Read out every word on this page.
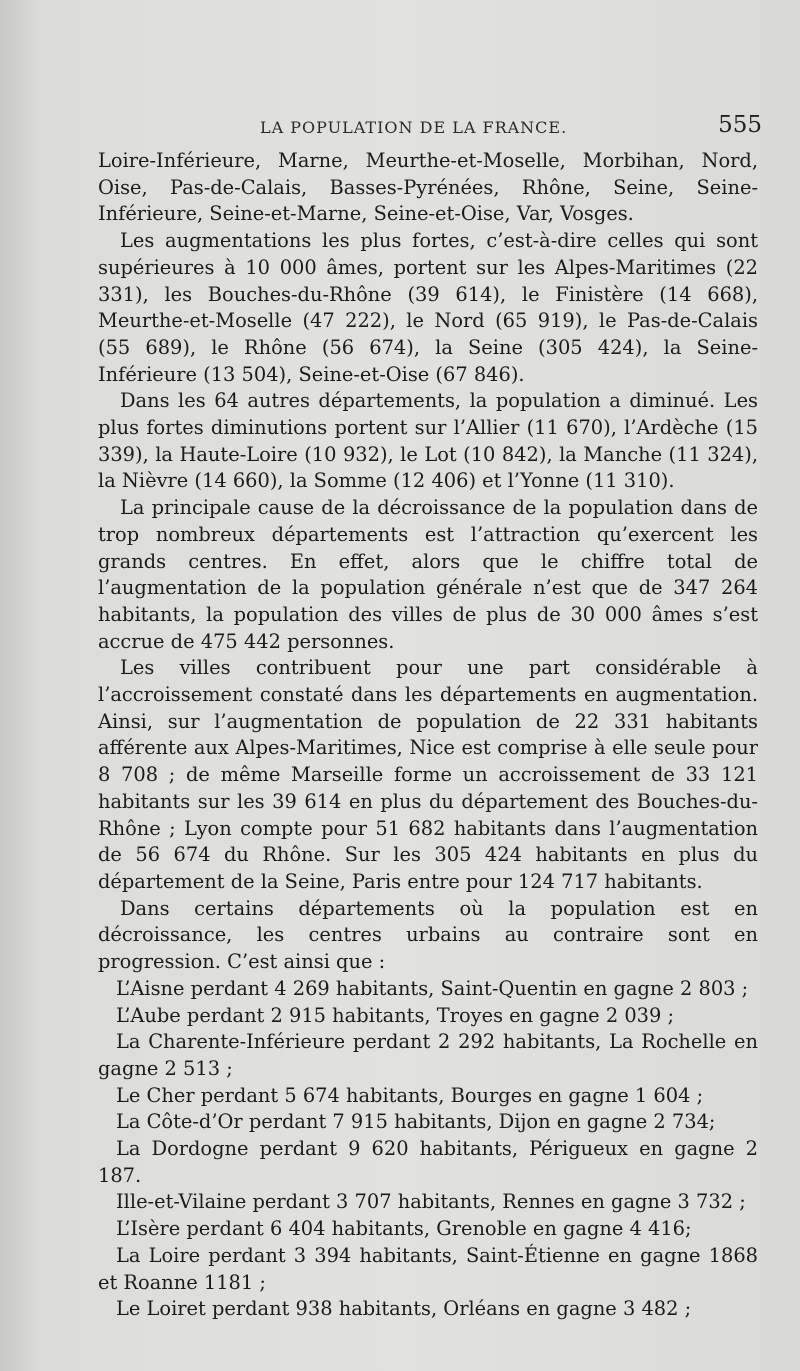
LA POPULATION DE LA FRANCE.	555

Loire-Inférieure, Marne, Meurthe-et-Moselle, Morbihan, Nord, Oise, Pas-de-Calais, Basses-Pyrénées, Rhône, Seine, Seine-Inférieure, Seine-et-Marne, Seine-et-Oise, Var, Vosges.

Les augmentations les plus fortes, c’est-à-dire celles qui sont supérieures à 10 000 âmes, portent sur les Alpes-Maritimes (22 331), les Bouches-du-Rhône (39 614), le Finistère (14 668), Meurthe-et-Moselle (47 222), le Nord (65 919), le Pas-de-Calais (55 689), le Rhône (56 674), la Seine (305 424), la Seine-Inférieure (13 504), Seine-et-Oise (67 846).

Dans les 64 autres départements, la population a diminué. Les plus fortes diminutions portent sur l’Allier (11 670), l’Ardèche (15 339), la Haute-Loire (10 932), le Lot (10 842), la Manche (11 324), la Nièvre (14 660), la Somme (12 406) et l’Yonne (11 310).

La principale cause de la décroissance de la population dans de trop nombreux départements est l’attraction qu’exercent les grands centres. En effet, alors que le chiffre total de l’augmentation de la population générale n’est que de 347 264 habitants, la population des villes de plus de 30 000 âmes s’est accrue de 475 442 personnes.

Les villes contribuent pour une part considérable à l’accroissement constaté dans les départements en augmentation. Ainsi, sur l’augmentation de population de 22 331 habitants afférente aux Alpes-Maritimes, Nice est comprise à elle seule pour 8 708 ; de même Marseille forme un accroissement de 33 121 habitants sur les 39 614 en plus du département des Bouches-du-Rhône ; Lyon compte pour 51 682 habitants dans l’augmentation de 56 674 du Rhône. Sur les 305 424 habitants en plus du département de la Seine, Paris entre pour 124 717 habitants.

Dans certains départements où la population est en décroissance, les centres urbains au contraire sont en progression. C’est ainsi que :

L’Aisne perdant 4 269 habitants, Saint-Quentin en gagne 2 803 ;

L’Aube perdant 2 915 habitants, Troyes en gagne 2 039 ;

La Charente-Inférieure perdant 2 292 habitants, La Rochelle en gagne 2 513 ;

Le Cher perdant 5 674 habitants, Bourges en gagne 1 604 ;

La Côte-d’Or perdant 7 915 habitants, Dijon en gagne 2 734;

La Dordogne perdant 9 620 habitants, Périgueux en gagne 2 187.

Ille-et-Vilaine perdant 3 707 habitants, Rennes en gagne 3 732 ;

L’Isère perdant 6 404 habitants, Grenoble en gagne 4 416;

La Loire perdant 3 394 habitants, Saint-Étienne en gagne 1868 et Roanne 1181 ;

Le Loiret perdant 938 habitants, Orléans en gagne 3 482 ;
